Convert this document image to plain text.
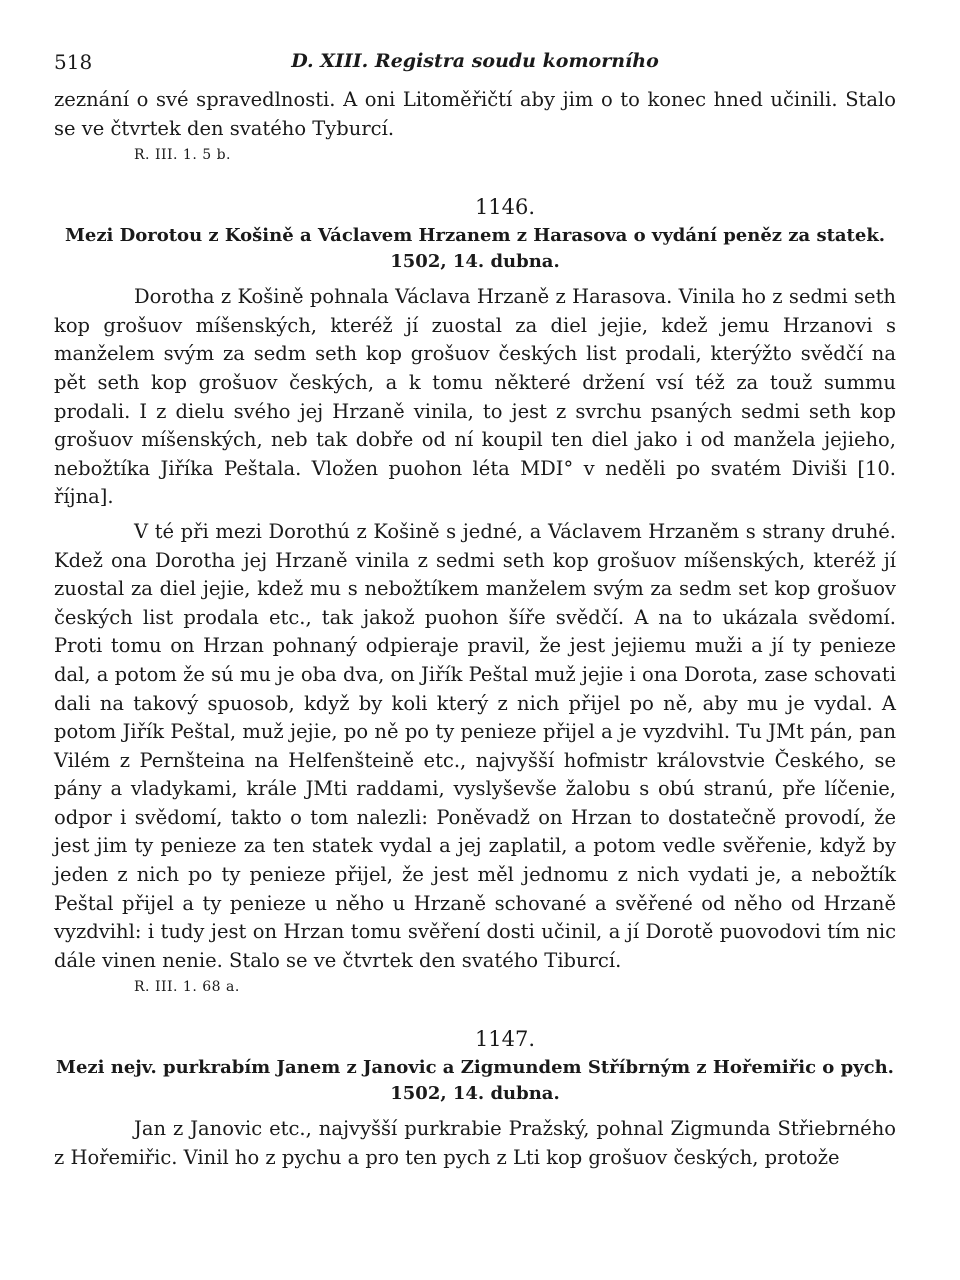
518	D. XIII. Registra soudu komorního

zeznání o své spravedlnosti. A oni Litoměřičtí aby jim o to konec hned učinili. Stalo se ve čtvrtek den svatého Tyburcí.

R. III. 1. 5 b.

1146.

Mezi Dorotou z Košině a Václavem Hrzanem z Harasova o vydání peněz za statek.

1502, 14. dubna.

Dorotha z Košině pohnala Václava Hrzaně z Harasova. Vinila ho z sedmi seth kop grošuov míšenských, kteréž jí zuostal za diel jejie, kdež jemu Hrzanovi s manželem svým za sedm seth kop grošuov českých list prodali, kterýžto svědčí na pět seth kop grošuov českých, a k tomu některé držení vsí též za touž summu prodali. I z dielu svého jej Hrzaně vinila, to jest z svrchu psaných sedmi seth kop grošuov míšenských, neb tak dobře od ní koupil ten diel jako i od manžela jejieho, nebožtíka Jiříka Peštala. Vložen puohon léta MDI° v neděli po svatém Diviši [10. října].

V té při mezi Dorothú z Košině s jedné, a Václavem Hrzaněm s strany druhé. Kdež ona Dorotha jej Hrzaně vinila z sedmi seth kop grošuov míšenských, kteréž jí zuostal za diel jejie, kdež mu s nebožtíkem manželem svým za sedm set kop grošuov českých list prodala etc., tak jakož puohon šíře svědčí. A na to ukázala svědomí. Proti tomu on Hrzan pohnaný odpieraje pravil, že jest jejiemu muži a jí ty penieze dal, a potom že sú mu je oba dva, on Jiřík Peštal muž jejie i ona Dorota, zase schovati dali na takový spuosob, když by koli který z nich přijel po ně, aby mu je vydal. A potom Jiřík Peštal, muž jejie, po ně po ty penieze přijel a je vyzdvihl. Tu JMt pán, pan Vilém z Pernšteina na Helfenšteině etc., najvyšší hofmistr královstvie Českého, se pány a vladykami, krále JMti raddami, vyslyševše žalobu s obú stranú, pře líčenie, odpor i svědomí, takto o tom nalezli: Poněvadž on Hrzan to dostatečně provodí, že jest jim ty penieze za ten statek vydal a jej zaplatil, a potom vedle svěřenie, když by jeden z nich po ty penieze přijel, že jest měl jednomu z nich vydati je, a nebožtík Peštal přijel a ty penieze u něho u Hrzaně schované a svěřené od něho od Hrzaně vyzdvihl: i tudy jest on Hrzan tomu svěření dosti učinil, a jí Dorotě puovodovi tím nic dále vinen nenie. Stalo se ve čtvrtek den svatého Tiburcí.

R. III. 1. 68 a.

1147.

Mezi nejv. purkrabím Janem z Janovic a Zigmundem Stříbrným z Hořemiřic o pych.

1502, 14. dubna.

Jan z Janovic etc., najvyšší purkrabie Pražský, pohnal Zigmunda Střiebrného z Hořemiřic. Vinil ho z pychu a pro ten pych z Lti kop grošuov českých, protože
